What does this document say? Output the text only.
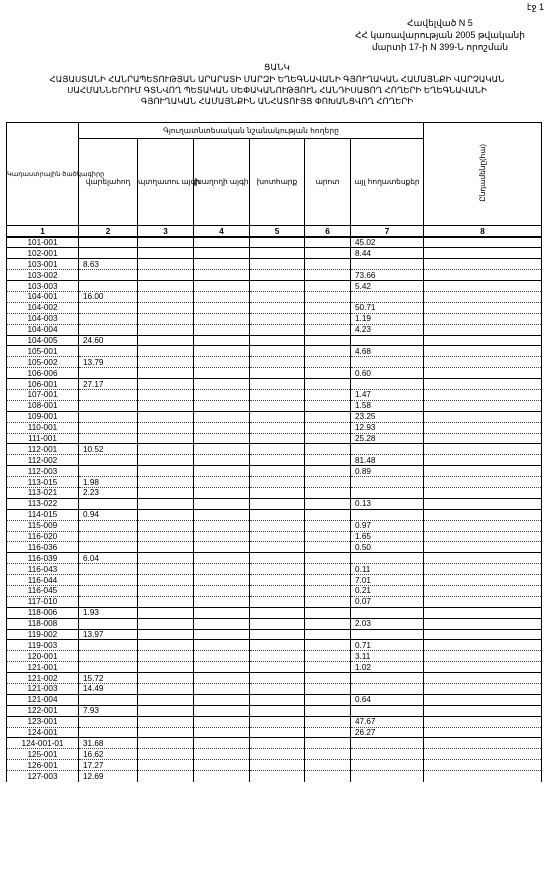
էջ 1
Հավելված N 5
ՀՀ կառավարության 2005 թվականի
մարտի 17-ի N 399-Ն որոշման
ՑԱՆԿ
ՀԱՅԱՍՏԱՆԻ ՀԱՆՐԱՊԵՏՈՒԹՅԱՆ ԱՐԱՐԱՏԻ ՄԱՐԶԻ ԵՂԵԳՆԱՎԱՆԻ ԳՅՈՒՂԱԿԱՆ ՀԱՄԱՅՆՔԻ ՎԱՐՉԱԿԱՆ
ՍԱՀՄԱՆՆԵՐՈՒՄ ԳՏՆՎՈՂ ՊԵՏԱԿԱՆ ՍԵՓԱԿԱՆՈՒԹՅՈՒՆ ՀԱՆԴԻՍԱՑՈՂ ՀՈՂԵՐԻ ԵՂԵԳՆԱՎԱՆԻ
ԳՅՈՒՂԱԿԱՆ ՀԱՄԱՅՆՔԻՆ ԱՆՀԱՏՈՒՅՑ ՓՈԽԱՆՑՎՈՂ ՀՈՂԵՐԻ
Կադաստրային ծածկագիրը	Գյուղատնտեսական նշանակության հողերը						Ընդամենը(հա)
	վարելահող	պտղատու այգի	խաղողի այգի	խոտհարք	արոտ	այլ հողատեսքեր	
1	2	3	4	5	6	7	8
101-001						45.02	
102-001						8.44	
103-001	8.63						
103-002						73.66	
103-003						5.42	
104-001	16.00						
104-002						50.71	
104-003						1.19	
104-004						4.23	
104-005	24.60						
105-001						4.68	
105-002	13.79						
106-006						0.60	
106-001	27.17						
107-001						1.47	
108-001						1.58	
109-001						23.25	
110-001						12.93	
111-001						25.28	
112-001	10.52						
112-002						81.48	
112-003						0.89	
113-015	1.98						
113-021	2.23						
113-022						0.13	
114-015	0.94						
115-009						0.97	
116-020						1.65	
116-036						0.50	
116-039	6.04						
116-043						0.11	
116-044						7.01	
116-045						0.21	
117-010						0.07	
118-006	1.93						
118-008						2.03	
119-002	13.97						
119-003						0.71	
120-001						3.11	
121-001						1.02	
121-002	15.72						
121-003	14.49						
121-004						0.64	
122-001	7.93						
123-001						47.67	
124-001						26.27	
124-001-01	31.68						
125-001	16.62						
126-001	17.27						
127-003	12.69						
